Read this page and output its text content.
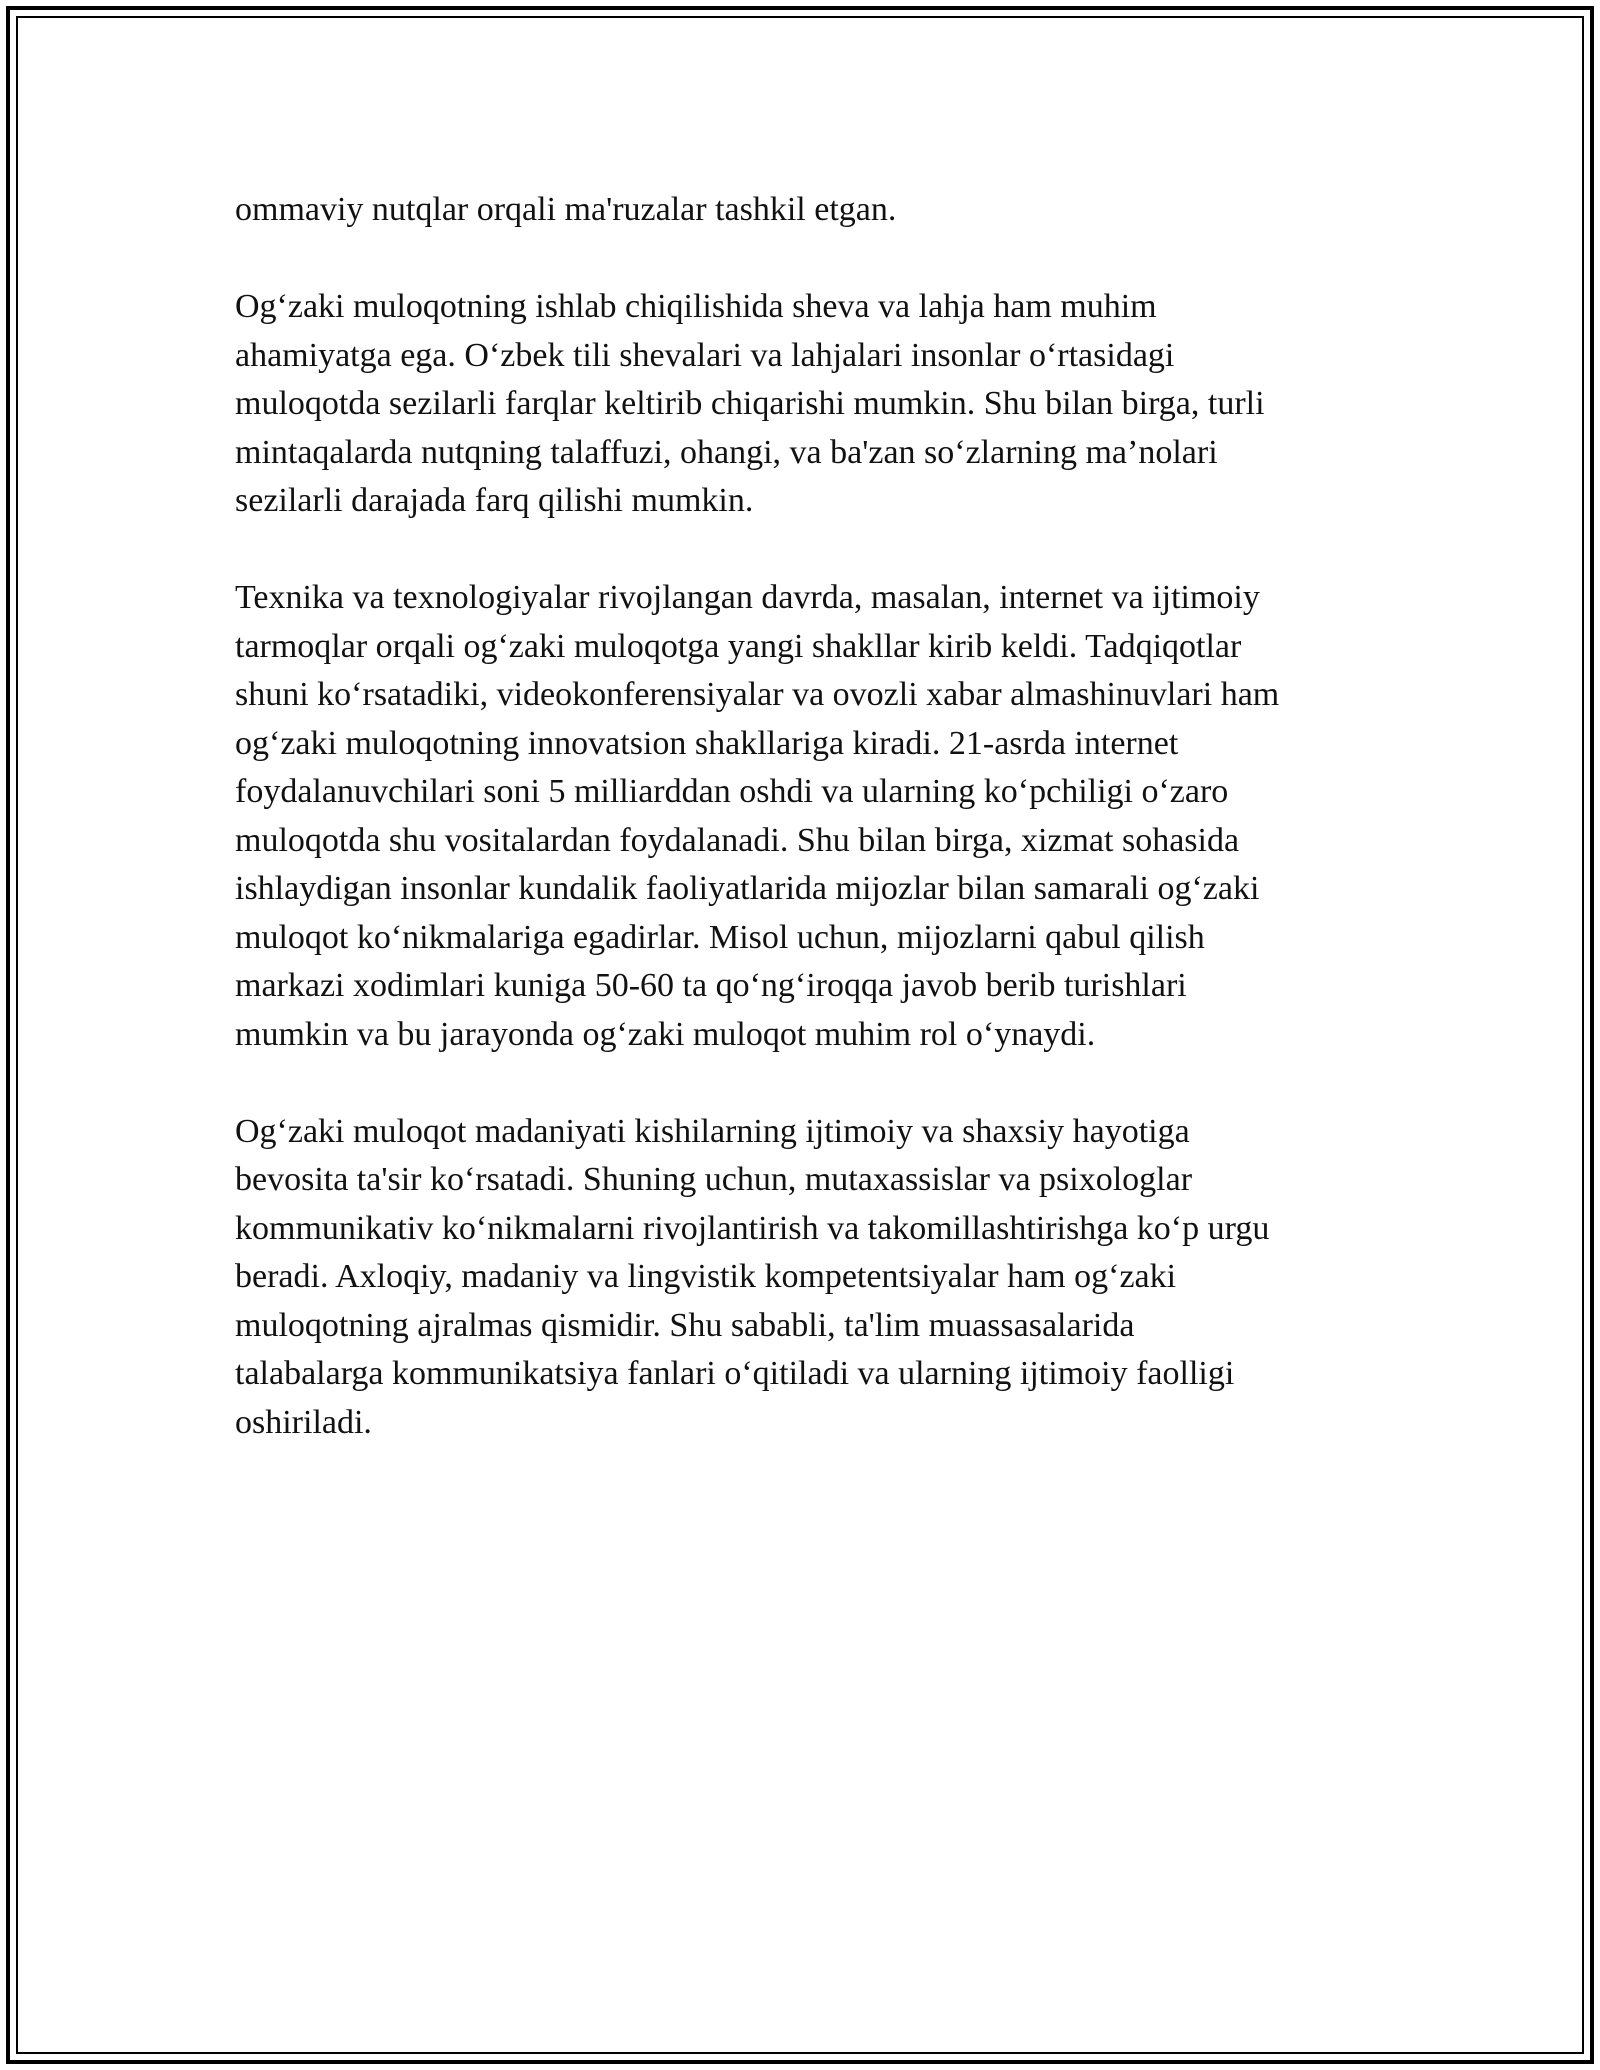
ommaviy nutqlar orqali ma'ruzalar tashkil etgan.

Og‘zaki muloqotning ishlab chiqilishida sheva va lahja ham muhim
ahamiyatga ega. O‘zbek tili shevalari va lahjalari insonlar o‘rtasidagi
muloqotda sezilarli farqlar keltirib chiqarishi mumkin. Shu bilan birga, turli
mintaqalarda nutqning talaffuzi, ohangi, va ba'zan so‘zlarning ma’nolari
sezilarli darajada farq qilishi mumkin.

Texnika va texnologiyalar rivojlangan davrda, masalan, internet va ijtimoiy
tarmoqlar orqali og‘zaki muloqotga yangi shakllar kirib keldi. Tadqiqotlar
shuni ko‘rsatadiki, videokonferensiyalar va ovozli xabar almashinuvlari ham
og‘zaki muloqotning innovatsion shakllariga kiradi. 21-asrda internet
foydalanuvchilari soni 5 milliarddan oshdi va ularning ko‘pchiligi o‘zaro
muloqotda shu vositalardan foydalanadi. Shu bilan birga, xizmat sohasida
ishlaydigan insonlar kundalik faoliyatlarida mijozlar bilan samarali og‘zaki
muloqot ko‘nikmalariga egadirlar. Misol uchun, mijozlarni qabul qilish
markazi xodimlari kuniga 50-60 ta qo‘ng‘iroqqa javob berib turishlari
mumkin va bu jarayonda og‘zaki muloqot muhim rol o‘ynaydi.

Og‘zaki muloqot madaniyati kishilarning ijtimoiy va shaxsiy hayotiga
bevosita ta'sir ko‘rsatadi. Shuning uchun, mutaxassislar va psixologlar
kommunikativ ko‘nikmalarni rivojlantirish va takomillashtirishga ko‘p urgu
beradi. Axloqiy, madaniy va lingvistik kompetentsiyalar ham og‘zaki
muloqotning ajralmas qismidir. Shu sababli, ta'lim muassasalarida
talabalarga kommunikatsiya fanlari o‘qitiladi va ularning ijtimoiy faolligi
oshiriladi.
